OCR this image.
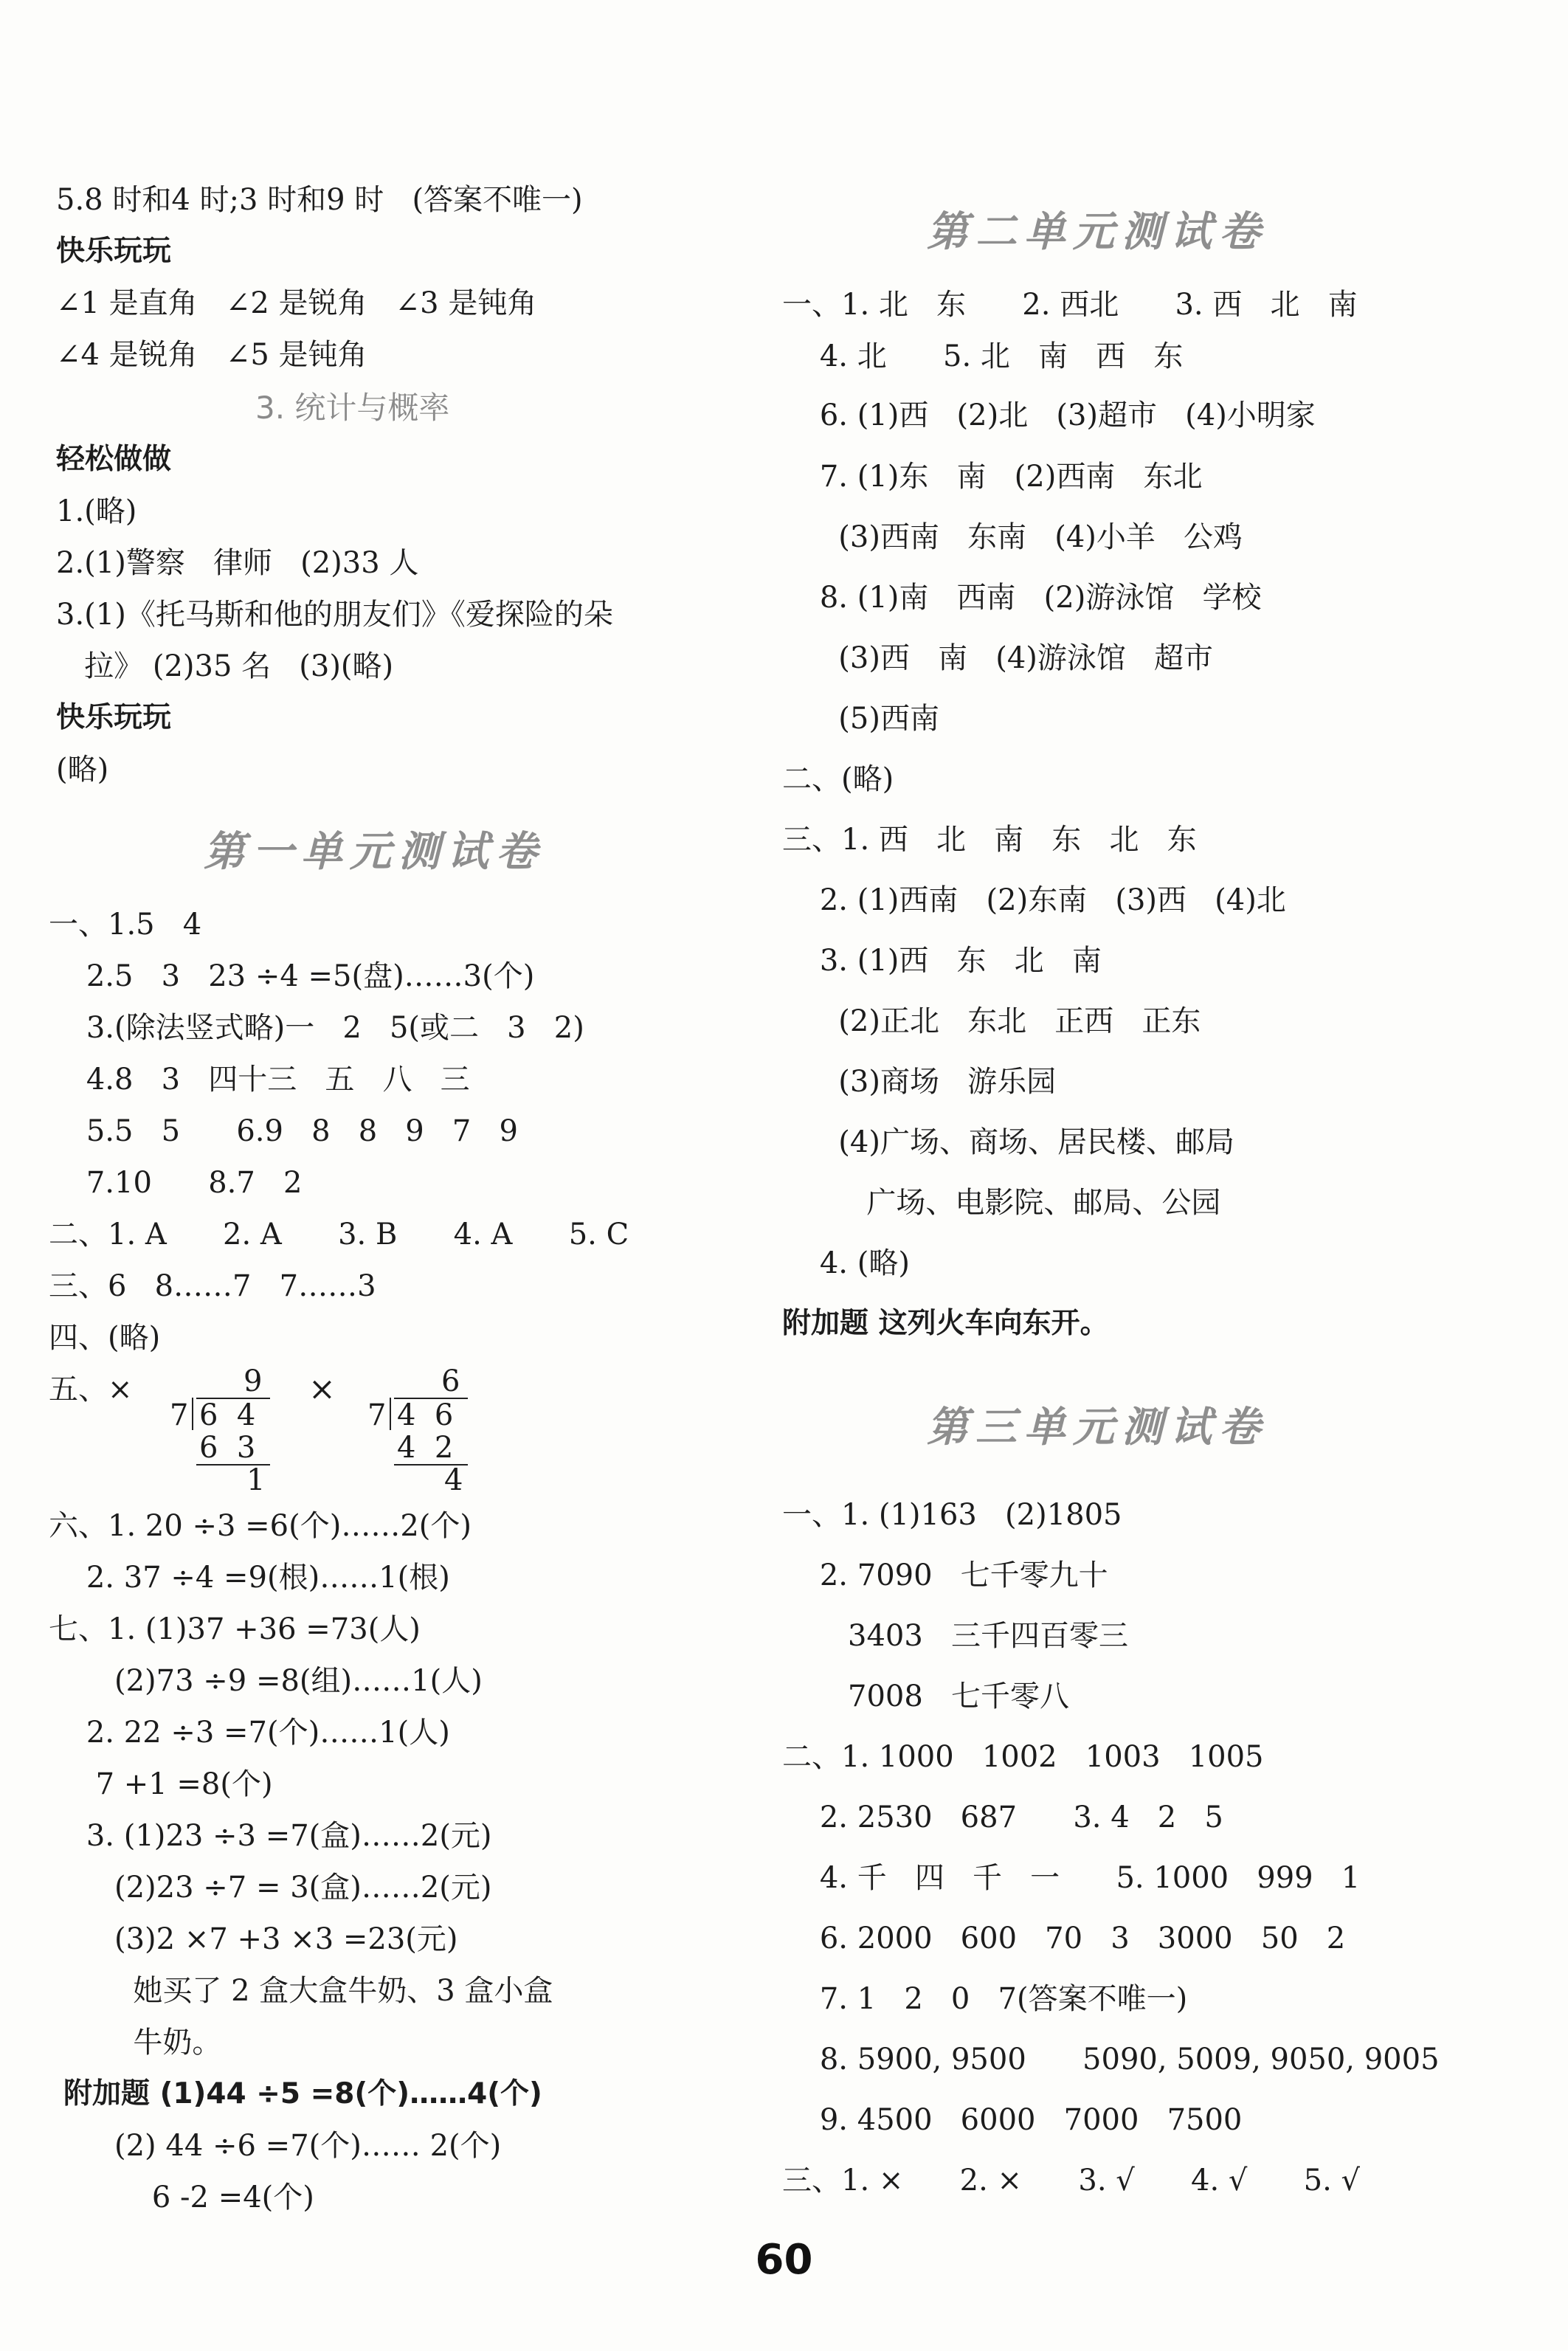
5.8 时和4 时;3 时和9 时   (答案不唯一)
快乐玩玩
∠1 是直角   ∠2 是锐角   ∠3 是钝角
∠4 是锐角   ∠5 是钝角
3. 统计与概率
轻松做做
1.(略)
2.(1)警察   律师   (2)33 人
3.(1)《托马斯和他的朋友们》《爱探险的朵
拉》 (2)35 名   (3)(略)
快乐玩玩
(略)
第一单元测试卷
一、1.5   4
2.5   3   23 ÷4 =5(盘)……3(个)
3.(除法竖式略)一   2   5(或二   3   2)
4.8   3   四十三   五   八   三
5.5   5      6.9   8   8   9   7   9
7.10      8.7   2
二、1. A      2. A      3. B      4. A      5. C
三、6   8……7   7……3
四、(略)
五、×	9
7 6  4
6  3
1
×	6
7 4  6
4  2
4
六、1. 20 ÷3 =6(个)……2(个)
2. 37 ÷4 =9(根)……1(根)
七、1. (1)37 +36 =73(人)
(2)73 ÷9 =8(组)……1(人)
2. 22 ÷3 =7(个)……1(人)
7 +1 =8(个)
3. (1)23 ÷3 =7(盒)……2(元)
(2)23 ÷7 = 3(盒)……2(元)
(3)2 ×7 +3 ×3 =23(元)
她买了 2 盒大盒牛奶、3 盒小盒
牛奶。
附加题 (1)44 ÷5 =8(个)……4(个)
(2) 44 ÷6 =7(个)…… 2(个)
6 -2 =4(个)
第二单元测试卷
一、1. 北   东      2. 西北      3. 西   北   南
4. 北      5. 北   南   西   东
6. (1)西   (2)北   (3)超市   (4)小明家
7. (1)东   南   (2)西南   东北
(3)西南   东南   (4)小羊   公鸡
8. (1)南   西南   (2)游泳馆   学校
(3)西   南   (4)游泳馆   超市
(5)西南
二、(略)
三、1. 西   北   南   东   北   东
2. (1)西南   (2)东南   (3)西   (4)北
3. (1)西   东   北   南
(2)正北   东北   正西   正东
(3)商场   游乐园
(4)广场、商场、居民楼、邮局
广场、电影院、邮局、公园
4. (略)
附加题 这列火车向东开。
第三单元测试卷
一、1. (1)163   (2)1805
2. 7090   七千零九十
3403   三千四百零三
7008   七千零八
二、1. 1000   1002   1003   1005
2. 2530   687      3. 4   2   5
4. 千   四   千   一      5. 1000   999   1
6. 2000   600   70   3   3000   50   2
7. 1   2   0   7(答案不唯一)
8. 5900, 9500      5090, 5009, 9050, 9005
9. 4500   6000   7000   7500
三、1. ×      2. ×      3. √      4. √      5. √
60
